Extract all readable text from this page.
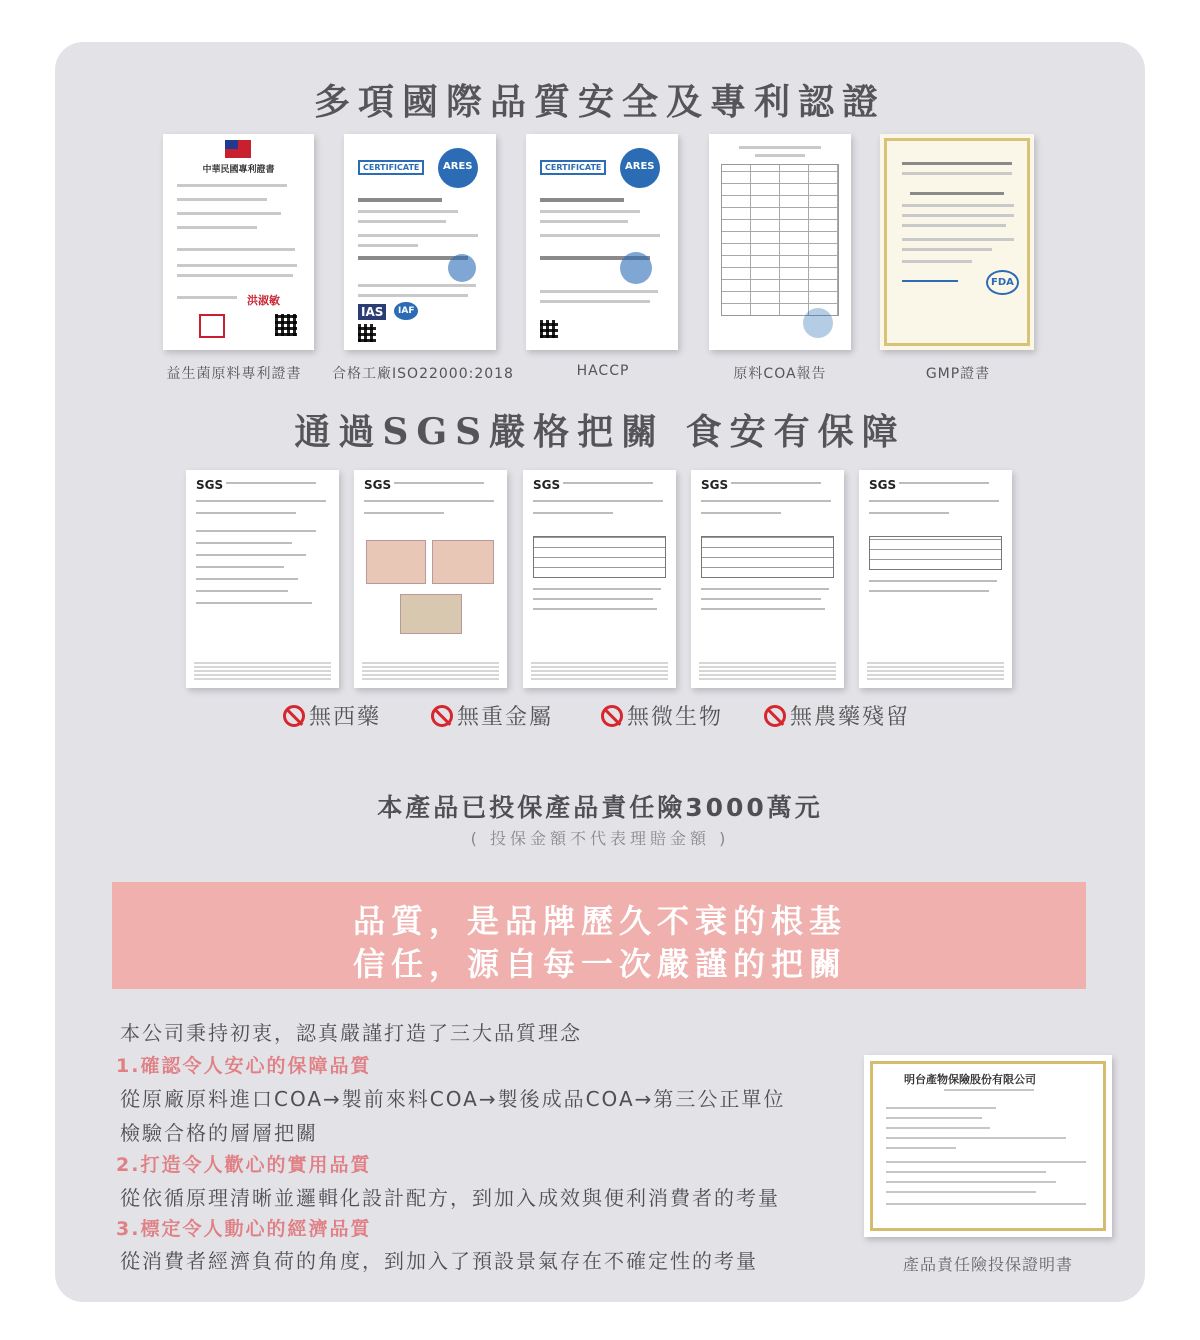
多項國際品質安全及專利認證
中華民國專利證書
洪淑敏
CERTIFICATE	ARES
IAS	IAF
CERTIFICATE	ARES
FDA
益生菌原料專利證書	合格工廠ISO22000:2018	HACCP	原料COA報告	GMP證書
通過SGS嚴格把關 食安有保障
SGS	SGS	SGS	SGS	SGS
無西藥	無重金屬	無微生物	無農藥殘留
本產品已投保產品責任險3000萬元
( 投保金額不代表理賠金額 )
品質，是品牌歷久不衰的根基
信任，源自每一次嚴謹的把關
本公司秉持初衷，認真嚴謹打造了三大品質理念
1.確認令人安心的保障品質
從原廠原料進口COA→製前來料COA→製後成品COA→第三公正單位
檢驗合格的層層把關
2.打造令人歡心的實用品質
從依循原理清晰並邏輯化設計配方，到加入成效與便利消費者的考量
3.標定令人動心的經濟品質
從消費者經濟負荷的角度，到加入了預設景氣存在不確定性的考量
明台產物保險股份有限公司
產品責任險投保證明書
